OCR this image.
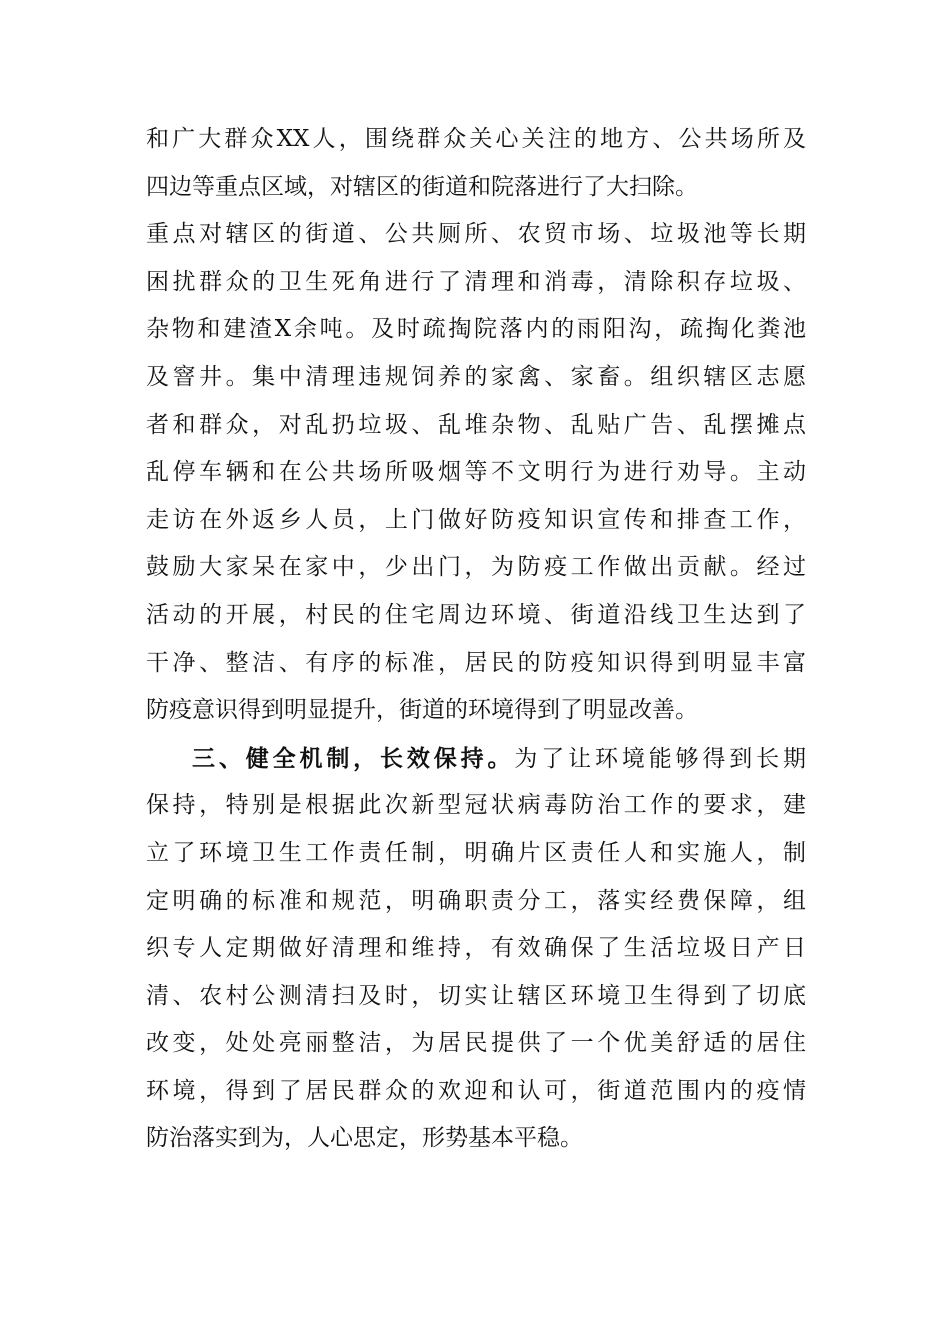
和广大群众XX人，围绕群众关心关注的地方、公共场所及
四边等重点区域，对辖区的街道和院落进行了大扫除。
重点对辖区的街道、公共厕所、农贸市场、垃圾池等长期
困扰群众的卫生死角进行了清理和消毒，清除积存垃圾、
杂物和建渣X余吨。及时疏掏院落内的雨阳沟，疏掏化粪池
及窨井。集中清理违规饲养的家禽、家畜。组织辖区志愿
者和群众，对乱扔垃圾、乱堆杂物、乱贴广告、乱摆摊点
乱停车辆和在公共场所吸烟等不文明行为进行劝导。主动
走访在外返乡人员，上门做好防疫知识宣传和排查工作，
鼓励大家呆在家中，少出门，为防疫工作做出贡献。经过
活动的开展，村民的住宅周边环境、街道沿线卫生达到了
干净、整洁、有序的标准，居民的防疫知识得到明显丰富
防疫意识得到明显提升，街道的环境得到了明显改善。
三、健全机制，长效保持。为了让环境能够得到长期
保持，特别是根据此次新型冠状病毒防治工作的要求，建
立了环境卫生工作责任制，明确片区责任人和实施人，制
定明确的标准和规范，明确职责分工，落实经费保障，组
织专人定期做好清理和维持，有效确保了生活垃圾日产日
清、农村公测清扫及时，切实让辖区环境卫生得到了切底
改变，处处亮丽整洁，为居民提供了一个优美舒适的居住
环境，得到了居民群众的欢迎和认可，街道范围内的疫情
防治落实到为，人心思定，形势基本平稳。
